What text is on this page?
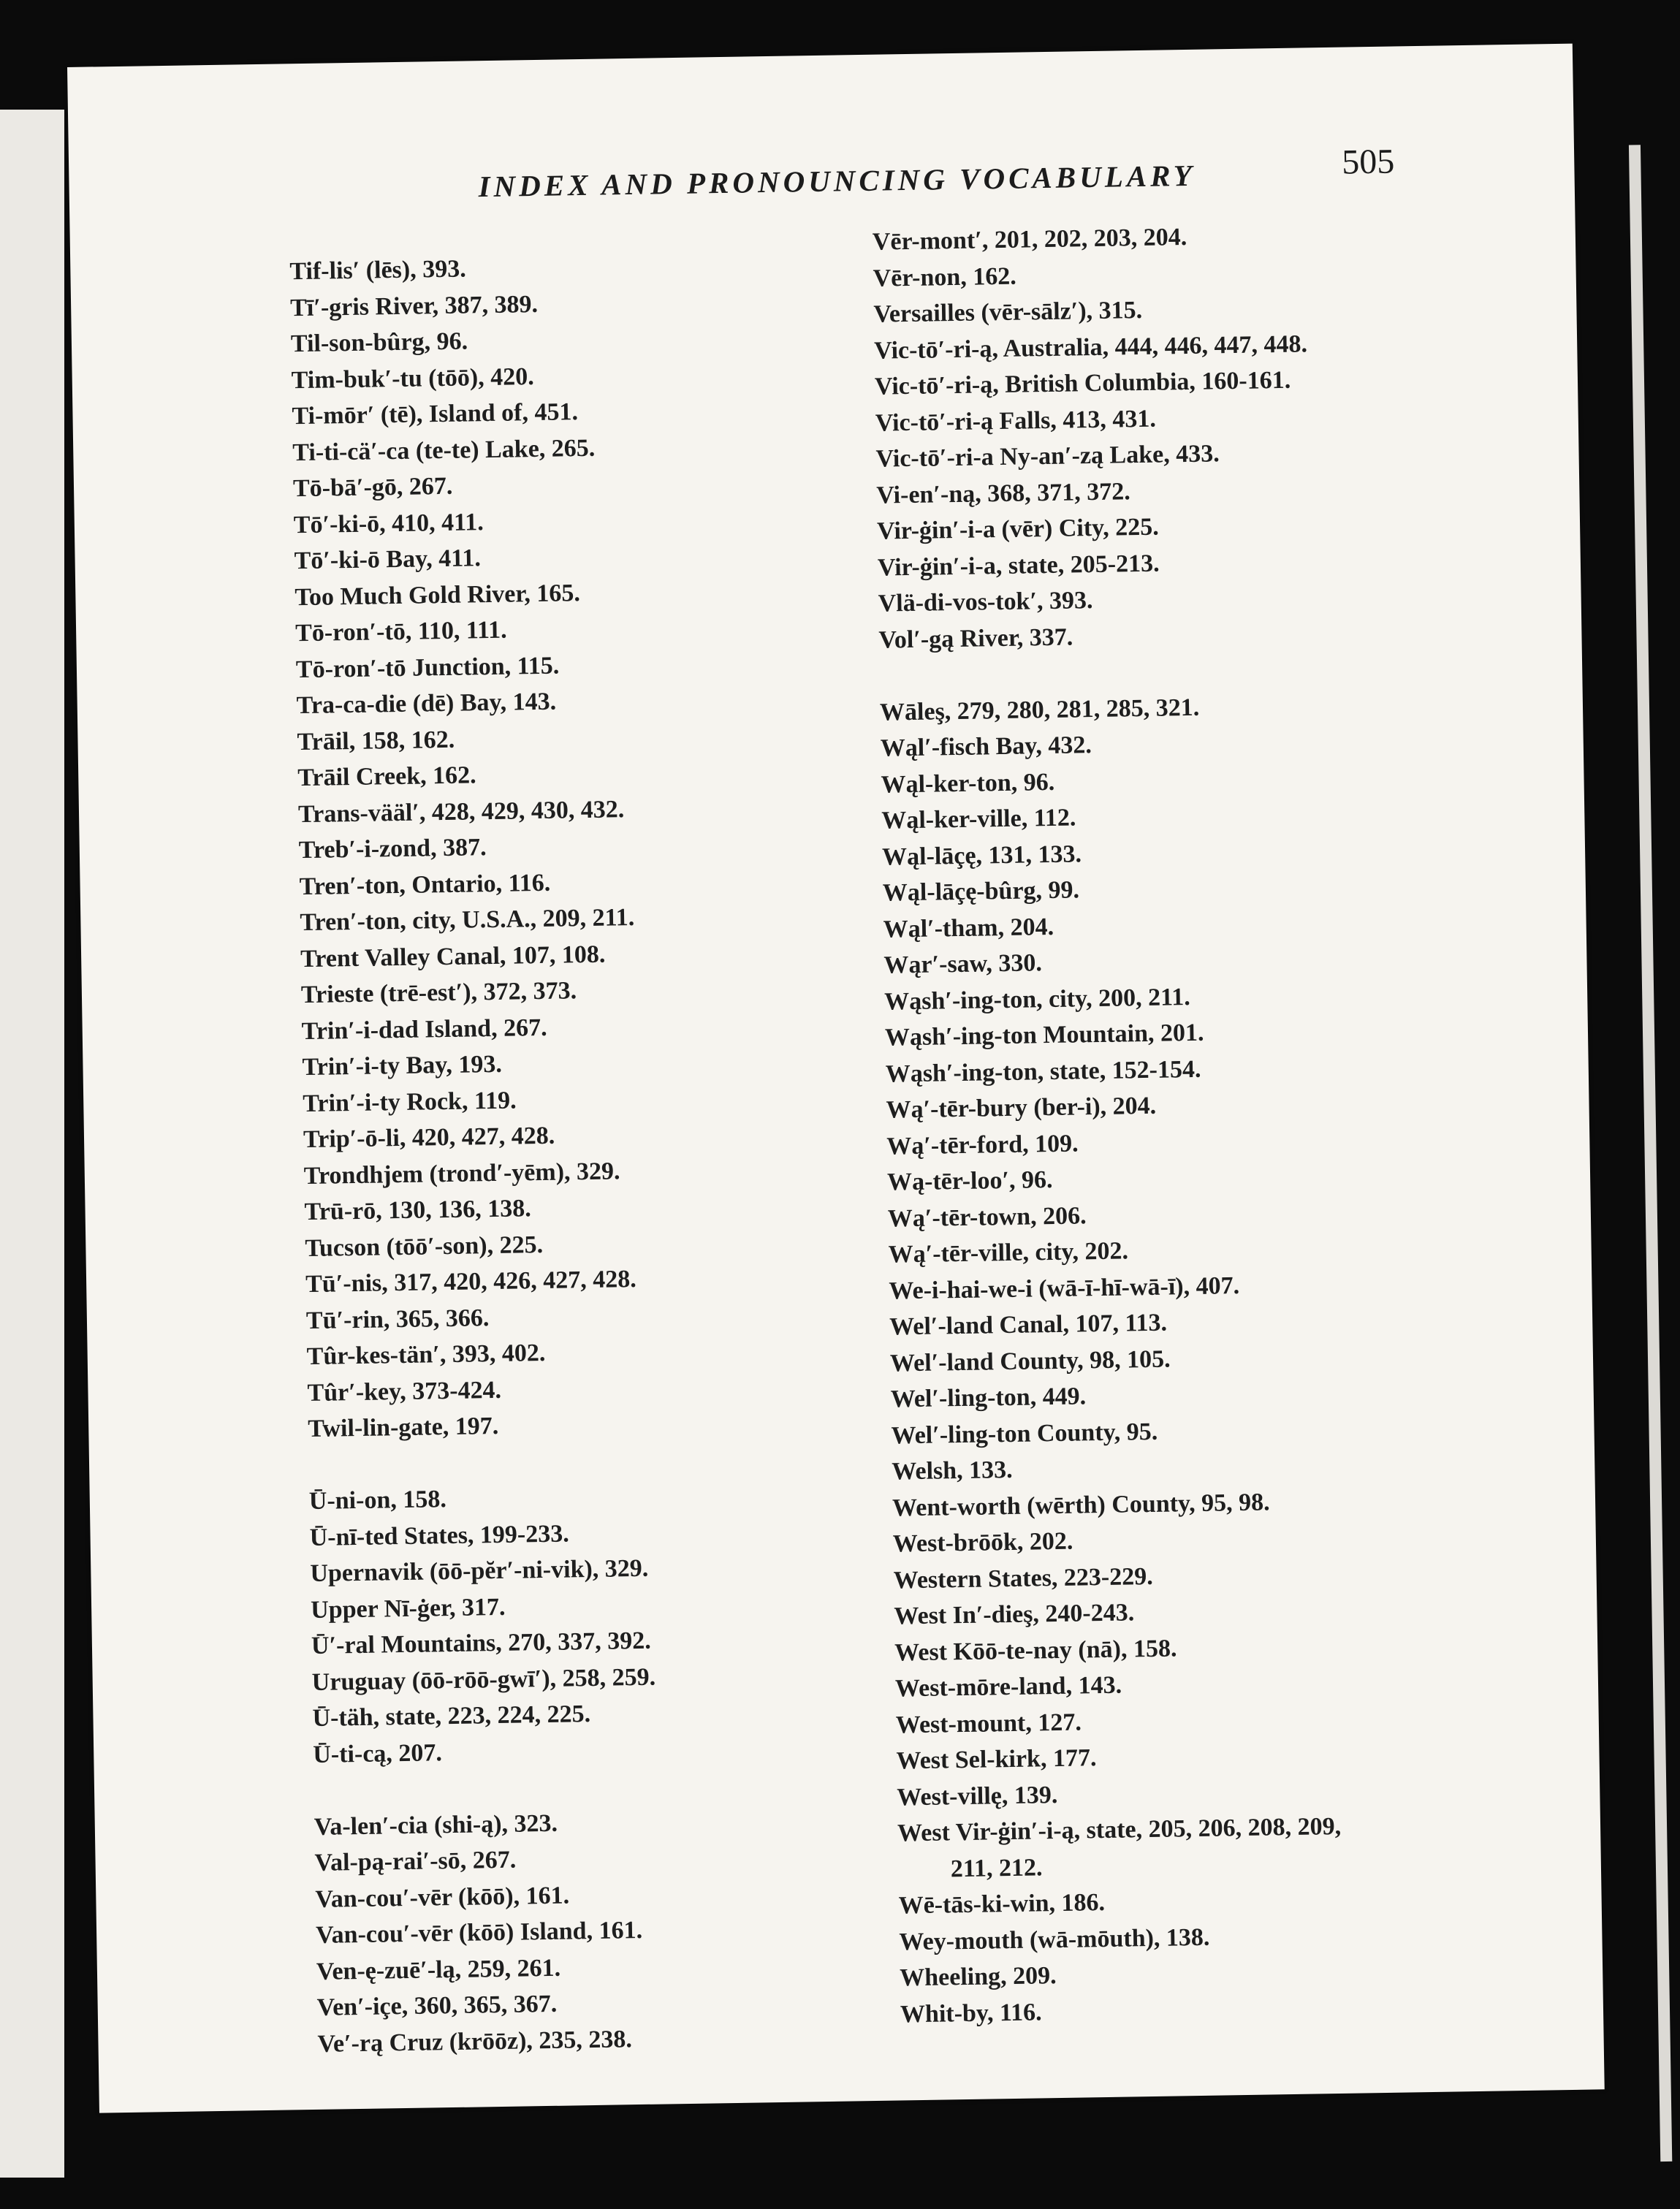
INDEX AND PRONOUNCING VOCABULARY	505
Tif-lis′ (lēs), 393.
Tī′-gris River, 387, 389.
Til-son-bûrg, 96.
Tim-buk′-tu (tōō), 420.
Ti-mōr′ (tē), Island of, 451.
Ti-ti-cä′-ca (te-te) Lake, 265.
Tō-bā′-gō, 267.
Tō′-ki-ō, 410, 411.
Tō′-ki-ō Bay, 411.
Too Much Gold River, 165.
Tō-ron′-tō, 110, 111.
Tō-ron′-tō Junction, 115.
Tra-ca-die (dē) Bay, 143.
Trāil, 158, 162.
Trāil Creek, 162.
Trans-vääl′, 428, 429, 430, 432.
Treb′-i-zond, 387.
Tren′-ton, Ontario, 116.
Tren′-ton, city, U.S.A., 209, 211.
Trent Valley Canal, 107, 108.
Trieste (trē-est′), 372, 373.
Trin′-i-dad Island, 267.
Trin′-i-ty Bay, 193.
Trin′-i-ty Rock, 119.
Trip′-ō-li, 420, 427, 428.
Trondhjem (trond′-yēm), 329.
Trū-rō, 130, 136, 138.
Tucson (tōō′-son), 225.
Tū′-nis, 317, 420, 426, 427, 428.
Tū′-rin, 365, 366.
Tûr-kes-tän′, 393, 402.
Tûr′-key, 373-424.
Twil-lin-gate, 197.
Ū-ni-on, 158.
Ū-nī-ted States, 199-233.
Upernavik (ōō-pĕr′-ni-vik), 329.
Upper Nī-ġer, 317.
Ū′-ral Mountains, 270, 337, 392.
Uruguay (ōō-rōō-gwī′), 258, 259.
Ū-täh, state, 223, 224, 225.
Ū-ti-cą, 207.
Va-len′-cia (shi-ą), 323.
Val-pą-rai′-sō, 267.
Van-cou′-vēr (kōō), 161.
Van-cou′-vēr (kōō) Island, 161.
Ven-ę-zuē′-lą, 259, 261.
Ven′-içe, 360, 365, 367.
Ve′-rą Cruz (krōōz), 235, 238.
Vēr-mont′, 201, 202, 203, 204.
Vēr-non, 162.
Versailles (vēr-sālz′), 315.
Vic-tō′-ri-ą, Australia, 444, 446, 447, 448.
Vic-tō′-ri-ą, British Columbia, 160-161.
Vic-tō′-ri-ą Falls, 413, 431.
Vic-tō′-ri-a Ny-an′-zą Lake, 433.
Vi-en′-ną, 368, 371, 372.
Vir-ġin′-i-a (vēr) City, 225.
Vir-ġin′-i-a, state, 205-213.
Vlä-di-vos-tok′, 393.
Vol′-gą River, 337.
Wāleş, 279, 280, 281, 285, 321.
Wąl′-fisch Bay, 432.
Wąl-ker-ton, 96.
Wąl-ker-ville, 112.
Wąl-lāçę, 131, 133.
Wąl-lāçę-bûrg, 99.
Wąl′-tham, 204.
Wąr′-saw, 330.
Wąsh′-ing-ton, city, 200, 211.
Wąsh′-ing-ton Mountain, 201.
Wąsh′-ing-ton, state, 152-154.
Wą′-tēr-bury (ber-i), 204.
Wą′-tēr-ford, 109.
Wą-tēr-loo′, 96.
Wą′-tēr-town, 206.
Wą′-tēr-ville, city, 202.
We-i-hai-we-i (wā-ī-hī-wā-ī), 407.
Wel′-land Canal, 107, 113.
Wel′-land County, 98, 105.
Wel′-ling-ton, 449.
Wel′-ling-ton County, 95.
Welsh, 133.
Went-worth (wērth) County, 95, 98.
West-brōōk, 202.
Western States, 223-229.
West In′-dieş, 240-243.
West Kōō-te-nay (nā), 158.
West-mōre-land, 143.
West-mount, 127.
West Sel-kirk, 177.
West-villę, 139.
West Vir-ġin′-i-ą, state, 205, 206, 208, 209,
211, 212.
Wē-tās-ki-win, 186.
Wey-mouth (wā-mōuth), 138.
Wheeling, 209.
Whit-by, 116.
